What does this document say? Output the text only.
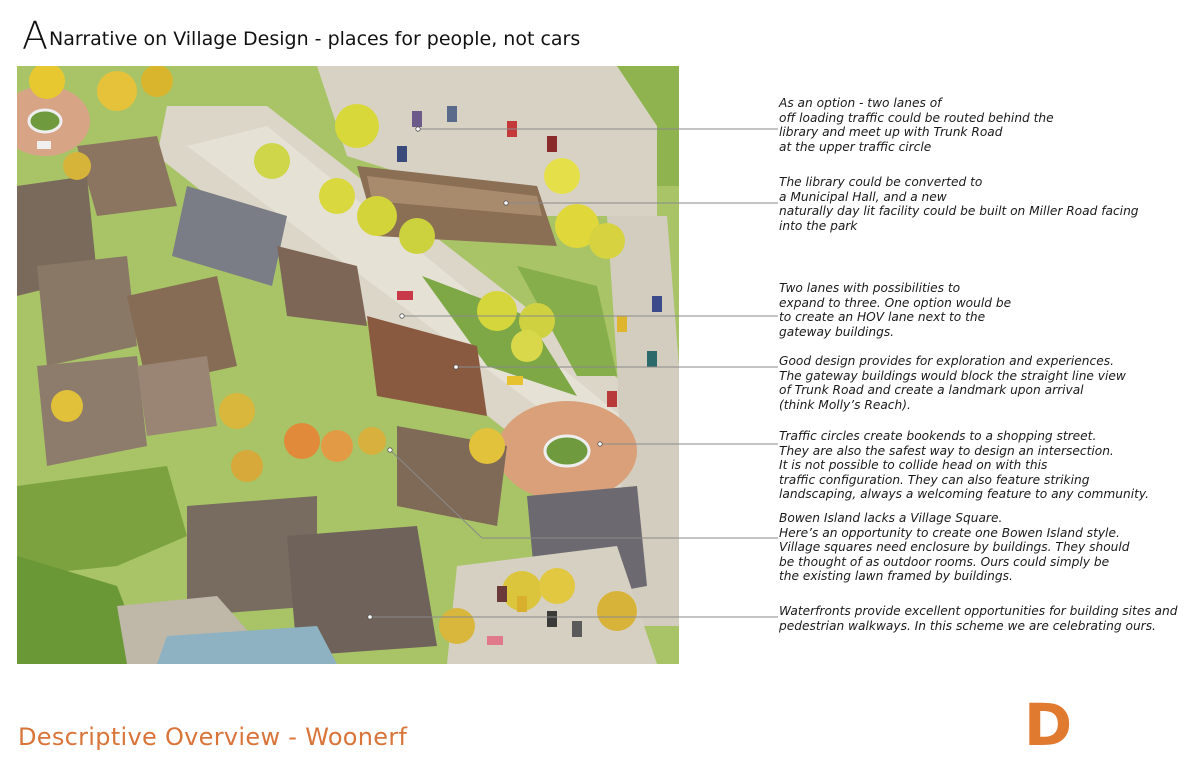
A Narrative on Village Design - places for people, not cars

As an option - two lanes of
off loading traffic could be routed behind the
library and meet up with Trunk Road
at the upper traffic circle

The library could be converted to
a Municipal Hall, and a new
naturally day lit facility could be built on Miller Road facing
into the park

Two lanes with possibilities to
expand to three. One option would be
to create an HOV lane next to the
gateway buildings.

Good design provides for exploration and experiences.
The gateway buildings would block the straight line view
of Trunk Road and create a landmark upon arrival
(think Molly’s Reach).

Traffic circles create bookends to a shopping street.
They are also the safest way to design an intersection.
It is not possible to collide head on with this
traffic configuration. They can also feature striking
landscaping, always a welcoming feature to any community.

Bowen Island lacks a Village Square.
Here’s an opportunity to create one Bowen Island style.
Village squares need enclosure by buildings. They should
be thought of as outdoor rooms. Ours could simply be
the existing lawn framed by buildings.

Waterfronts provide excellent opportunities for building sites and
pedestrian walkways. In this scheme we are celebrating ours.

Descriptive Overview - Woonerf	D
